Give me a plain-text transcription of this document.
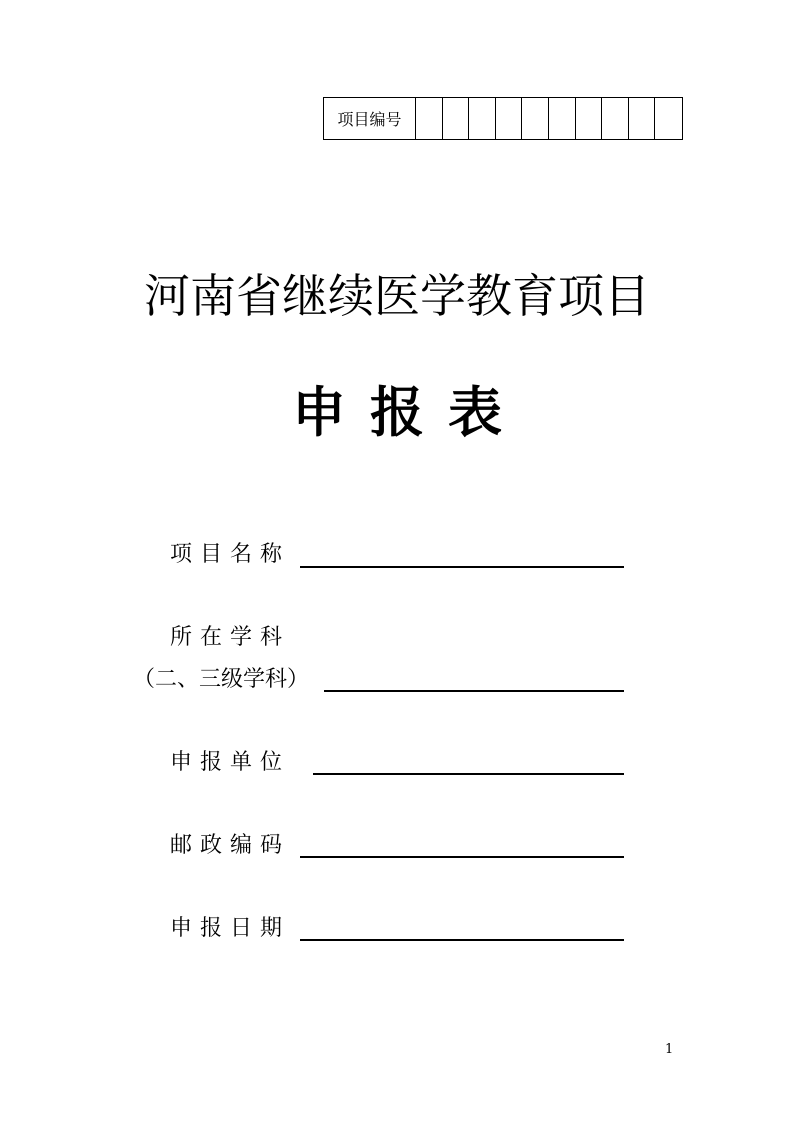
项目编号
河南省继续医学教育项目
申报表
项目名称
所在学科
（二、三级学科）
申报单位
邮政编码
申报日期
1
